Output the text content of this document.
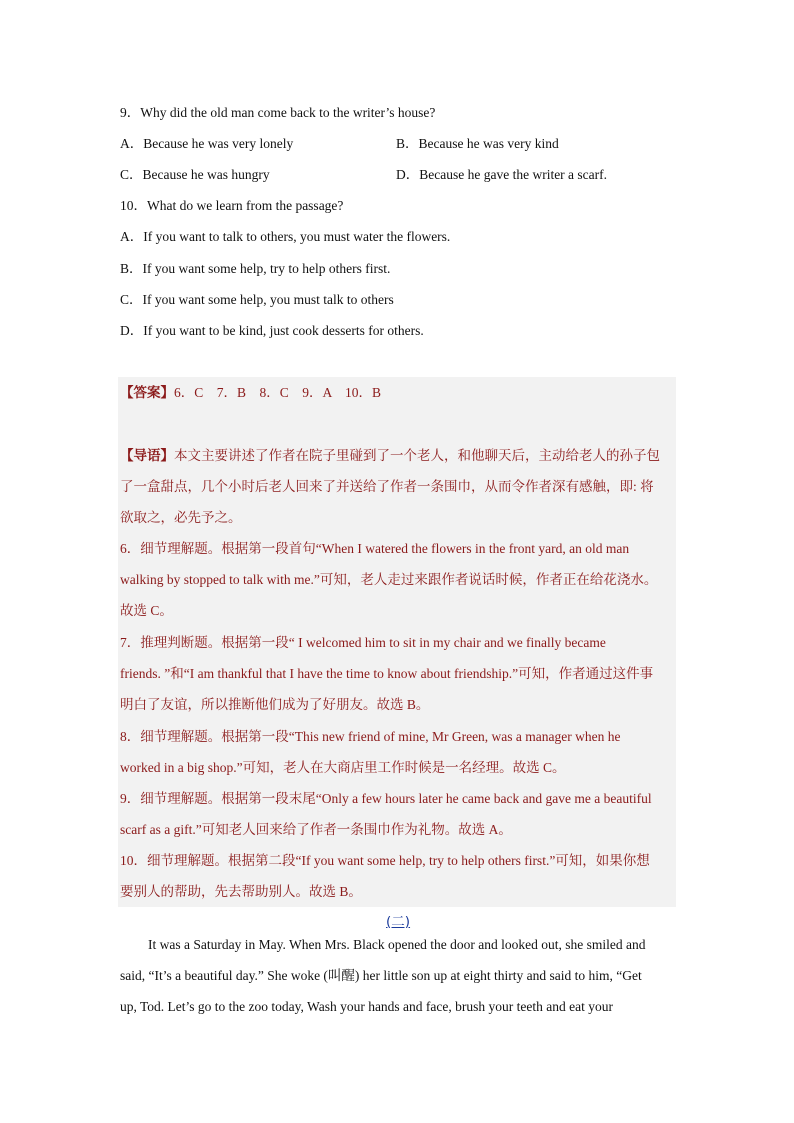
9．Why did the old man come back to the writer’s house?
A．Because he was very lonely	B．Because he was very kind
C．Because he was hungry	D．Because he gave the writer a scarf.
10．What do we learn from the passage?
A．If you want to talk to others, you must water the flowers.
B．If you want some help, try to help others first.
C．If you want some help, you must talk to others
D．If you want to be kind, just cook desserts for others.
【答案】6．C　7．B　8．C　9．A　10．B
【导语】本文主要讲述了作者在院子里碰到了一个老人，和他聊天后，主动给老人的孙子包
了一盒甜点，几个小时后老人回来了并送给了作者一条围巾，从而令作者深有感触，即: 将
欲取之，必先予之。
6．细节理解题。根据第一段首句“When I watered the flowers in the front yard, an old man
walking by stopped to talk with me.”可知，老人走过来跟作者说话时候，作者正在给花浇水。
故选 C。
7．推理判断题。根据第一段“ I welcomed him to sit in my chair and we finally became
friends. ”和“I am thankful that I have the time to know about friendship.”可知，作者通过这件事
明白了友谊，所以推断他们成为了好朋友。故选 B。
8．细节理解题。根据第一段“This new friend of mine, Mr Green, was a manager when he
worked in a big shop.”可知，老人在大商店里工作时候是一名经理。故选 C。
9．细节理解题。根据第一段末尾“Only a few hours later he came back and gave me a beautiful
scarf as a gift.”可知老人回来给了作者一条围巾作为礼物。故选 A。
10．细节理解题。根据第二段“If you want some help, try to help others first.”可知，如果你想
要别人的帮助，先去帮助别人。故选 B。
(二)
It was a Saturday in May. When Mrs. Black opened the door and looked out, she smiled and
said, “It’s a beautiful day.” She woke (叫醒) her little son up at eight thirty and said to him, “Get
up, Tod. Let’s go to the zoo today, Wash your hands and face, brush your teeth and eat your
